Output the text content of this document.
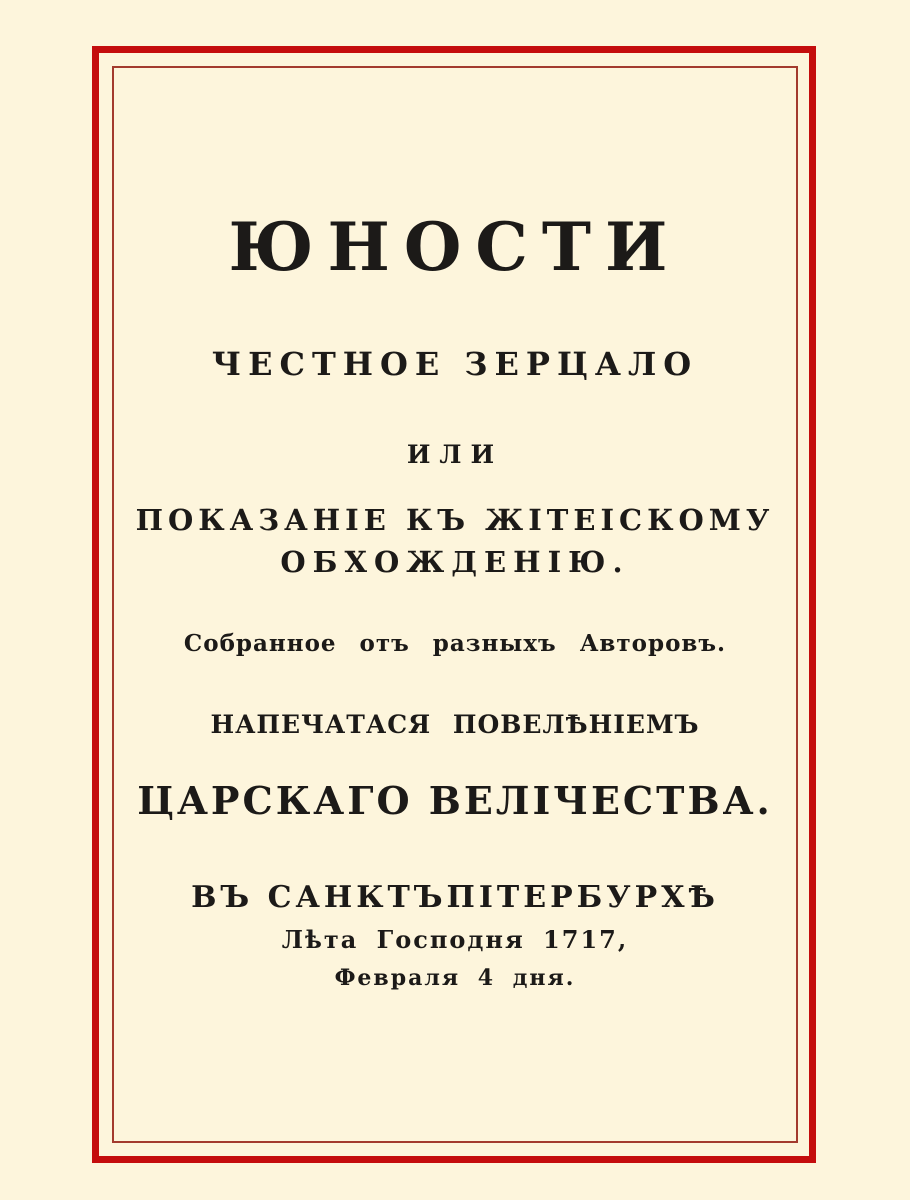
ЮНОСТИ
ЧЕСТНОЕ ЗЕРЦАЛО
ИЛИ
ПОКАЗАНІЕ КЪ ЖІТЕІСКОМУ
ОБХОЖДЕНІЮ.
Собранное отъ разныхъ Авторовъ.
НАПЕЧАТАСЯ ПОВЕЛѢНІЕМЪ
ЦАРСКАГО ВЕЛІЧЕСТВА.
ВЪ САНКТЪПІТЕРБУРХѢ
Лѣта Господня 1717,
Февраля 4 дня.
